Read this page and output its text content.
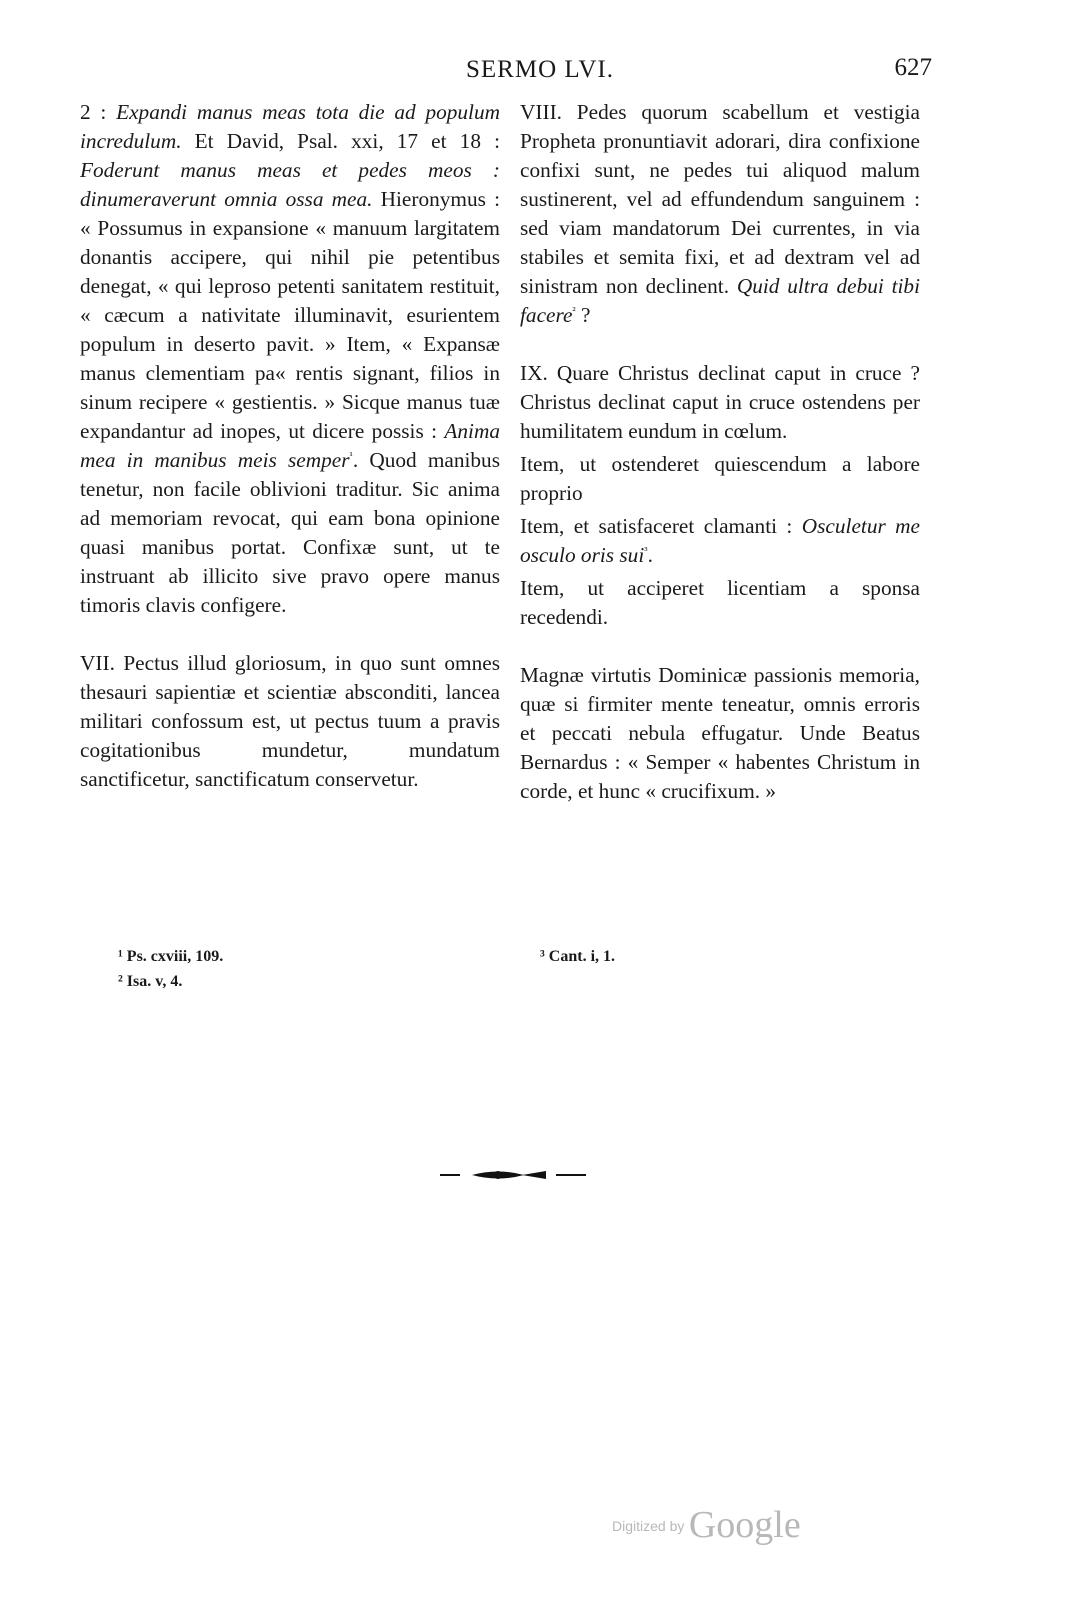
SERMO LVI.	627

2 : Expandi manus meas tota die ad populum incredulum. Et David, Psal. xxi, 17 et 18 : Foderunt manus meas et pedes meos : dinumeraverunt omnia ossa mea. Hieronymus : « Possumus in expansione « manuum largitatem donantis accipere, qui nihil pie petentibus denegat, « qui leproso petenti sanitatem restituit, « cæcum a nativitate illuminavit, esurientem populum in deserto pavit. » Item, « Expansæ manus clementiam pa« rentis signant, filios in sinum recipere « gestientis. » Sicque manus tuæ expandantur ad inopes, ut dicere possis : Anima mea in manibus meis semper$^{^1}$. Quod manibus tenetur, non facile oblivioni traditur. Sic anima ad memoriam revocat, qui eam bona opinione quasi manibus portat. Confixæ sunt, ut te instruant ab illicito sive pravo opere manus timoris clavis configere.

VII. Pectus illud gloriosum, in quo sunt omnes thesauri sapientiæ et scientiæ absconditi, lancea militari confossum est, ut pectus tuum a pravis cogitationibus mundetur, mundatum sanctificetur, sanctificatum conservetur.

VIII. Pedes quorum scabellum et vestigia Propheta pronuntiavit adorari, dira confixione confixi sunt, ne pedes tui aliquod malum sustinerent, vel ad effundendum sanguinem : sed viam mandatorum Dei currentes, in via stabiles et semita fixi, et ad dextram vel ad sinistram non declinent. Quid ultra debui tibi facere$^{^2}$ ?

IX. Quare Christus declinat caput in cruce ? Christus declinat caput in cruce ostendens per humilitatem eundum in cœlum.

Item, ut ostenderet quiescendum a labore proprio

Item, et satisfaceret clamanti : Osculetur me osculo oris sui$^{^3}$.

Item, ut acciperet licentiam a sponsa recedendi.

Magnæ virtutis Dominicæ passionis memoria, quæ si firmiter mente teneatur, omnis erroris et peccati nebula effugatur. Unde Beatus Bernardus : « Semper « habentes Christum in corde, et hunc « crucifixum. »

¹ Ps. cxviii, 109.
² Isa. v, 4.
³ Cant. i, 1.
Digitized by Google
